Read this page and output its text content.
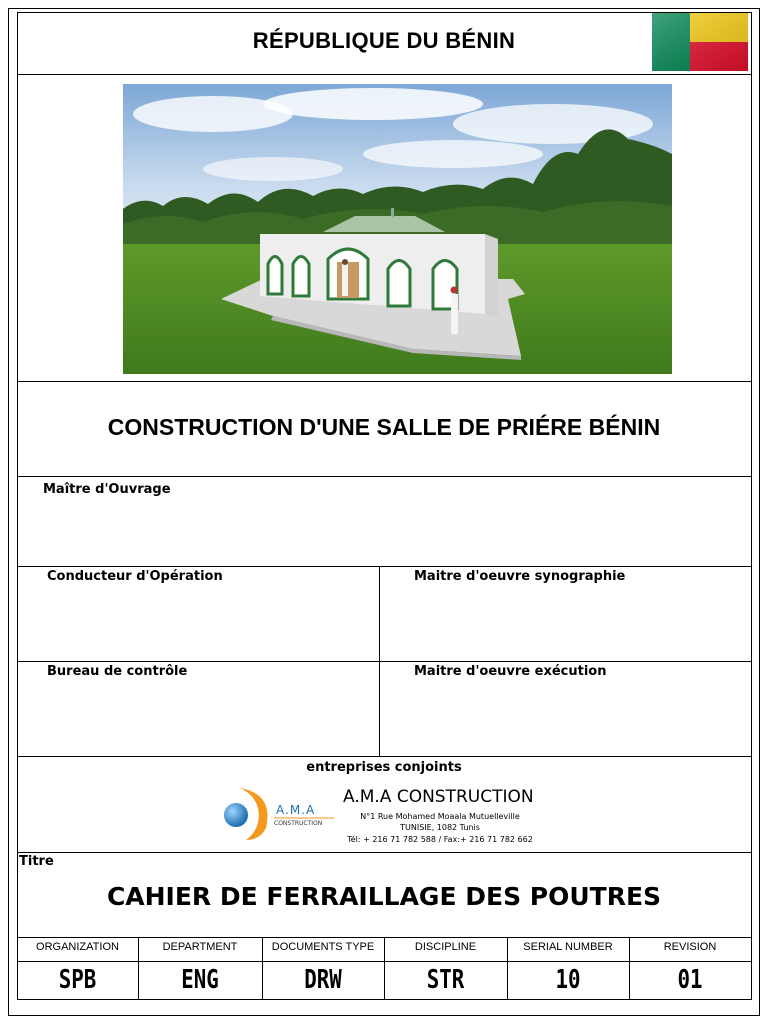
RÉPUBLIQUE DU BÉNIN
CONSTRUCTION D'UNE SALLE DE PRIÉRE BÉNIN
Maître d'Ouvrage
Conducteur d'Opération	Maitre d'oeuvre synographie
Bureau de contrôle	Maitre d'oeuvre exécution
entreprises conjoints
A.M.A
CONSTRUCTION
A.M.A CONSTRUCTION
N°1 Rue Mohamed Moaala Mutuelleville
TUNISIE, 1082 Tunis
Tél: + 216 71 782 588 / Fax:+ 216 71 782 662
Titre
CAHIER DE FERRAILLAGE DES POUTRES
ORGANIZATION	DEPARTMENT	DOCUMENTS TYPE	DISCIPLINE	SERIAL NUMBER	REVISION
SPB	ENG	DRW	STR	10	01
